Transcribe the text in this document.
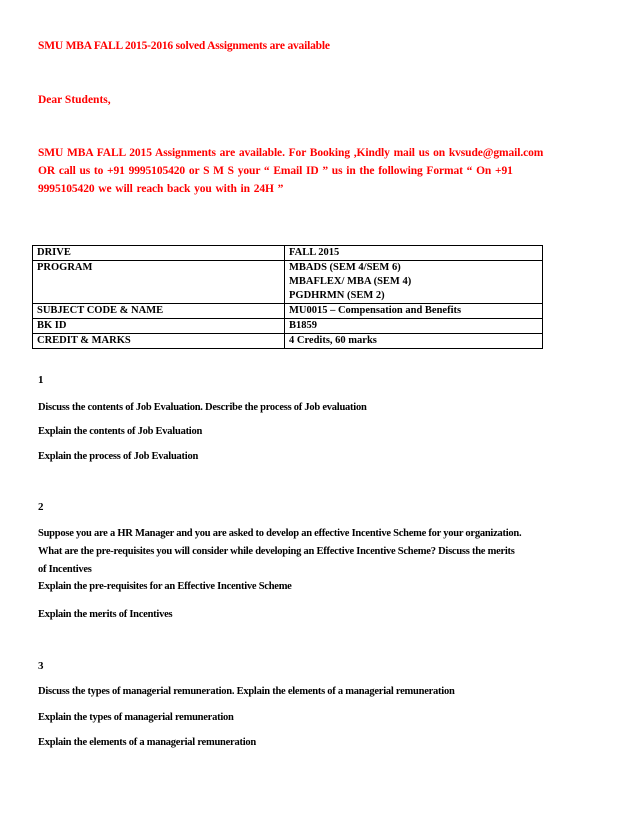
SMU MBA FALL 2015-2016 solved Assignments are available
Dear Students,
SMU MBA FALL 2015 Assignments are available. For Booking ,Kindly mail us on kvsude@gmail.com
OR call us to +91 9995105420 or S M S your “ Email ID ” us in the following Format “ On +91
9995105420 we will reach back you with in 24H ”
DRIVE	FALL 2015
PROGRAM	MBADS (SEM 4/SEM 6)
MBAFLEX/ MBA (SEM 4)
PGDHRMN (SEM 2)

SUBJECT CODE & NAME	MU0015 – Compensation and Benefits
BK ID	B1859
CREDIT & MARKS	4 Credits, 60 marks
1
Discuss the contents of Job Evaluation. Describe the process of Job evaluation
Explain the contents of Job Evaluation
Explain the process of Job Evaluation
2
Suppose you are a HR Manager and you are asked to develop an effective Incentive Scheme for your organization.
What are the pre-requisites you will consider while developing an Effective Incentive Scheme? Discuss the merits
of Incentives
Explain the pre-requisites for an Effective Incentive Scheme
Explain the merits of Incentives
3
Discuss the types of managerial remuneration. Explain the elements of a managerial remuneration
Explain the types of managerial remuneration
Explain the elements of a managerial remuneration
